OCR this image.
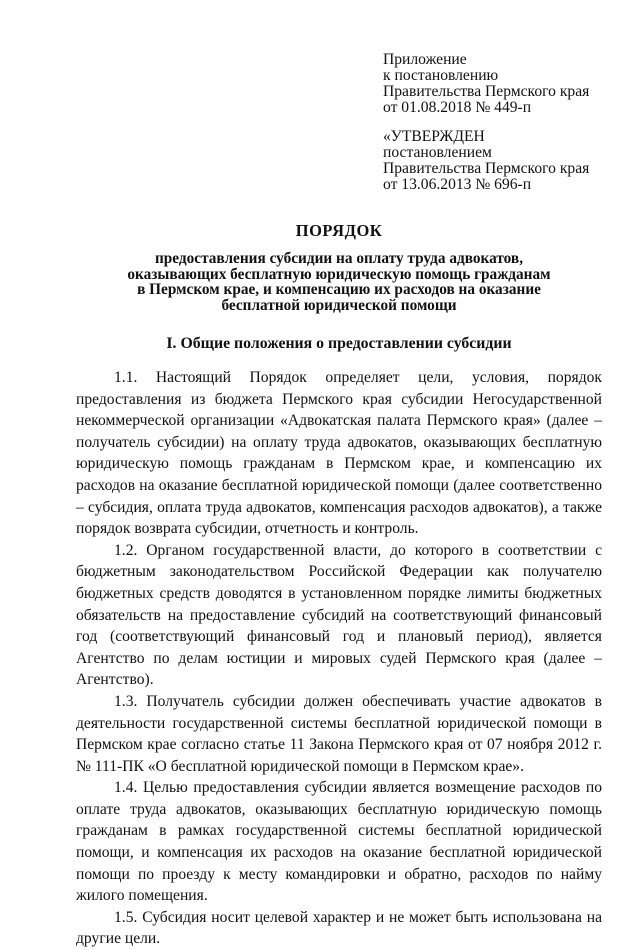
Приложение
к постановлению
Правительства Пермского края
от 01.08.2018 № 449-п
«УТВЕРЖДЕН
постановлением
Правительства Пермского края
от 13.06.2013 № 696-п
ПОРЯДОК
предоставления субсидии на оплату труда адвокатов,
оказывающих бесплатную юридическую помощь гражданам
в Пермском крае, и компенсацию их расходов на оказание
бесплатной юридической помощи
I. Общие положения о предоставлении субсидии

1.1. Настоящий Порядок определяет цели, условия, порядок предоставления из бюджета Пермского края субсидии Негосударственной некоммерческой организации «Адвокатская палата Пермского края» (далее – получатель субсидии) на оплату труда адвокатов, оказывающих бесплатную юридическую помощь гражданам в Пермском крае, и компенсацию их расходов на оказание бесплатной юридической помощи (далее соответственно – субсидия, оплата труда адвокатов, компенсация расходов адвокатов), а также порядок возврата субсидии, отчетность и контроль.

1.2. Органом государственной власти, до которого в соответствии с бюджетным законодательством Российской Федерации как получателю бюджетных средств доводятся в установленном порядке лимиты бюджетных обязательств на предоставление субсидий на соответствующий финансовый год (соответствующий финансовый год и плановый период), является Агентство по делам юстиции и мировых судей Пермского края (далее – Агентство).

1.3. Получатель субсидии должен обеспечивать участие адвокатов в деятельности государственной системы бесплатной юридической помощи в Пермском крае согласно статье 11 Закона Пермского края от 07 ноября 2012 г. № 111-ПК «О бесплатной юридической помощи в Пермском крае».

1.4. Целью предоставления субсидии является возмещение расходов по оплате труда адвокатов, оказывающих бесплатную юридическую помощь гражданам в рамках государственной системы бесплатной юридической помощи, и компенсация их расходов на оказание бесплатной юридической помощи по проезду к месту командировки и обратно, расходов по найму жилого помещения.

1.5. Субсидия носит целевой характер и не может быть использована на другие цели.
